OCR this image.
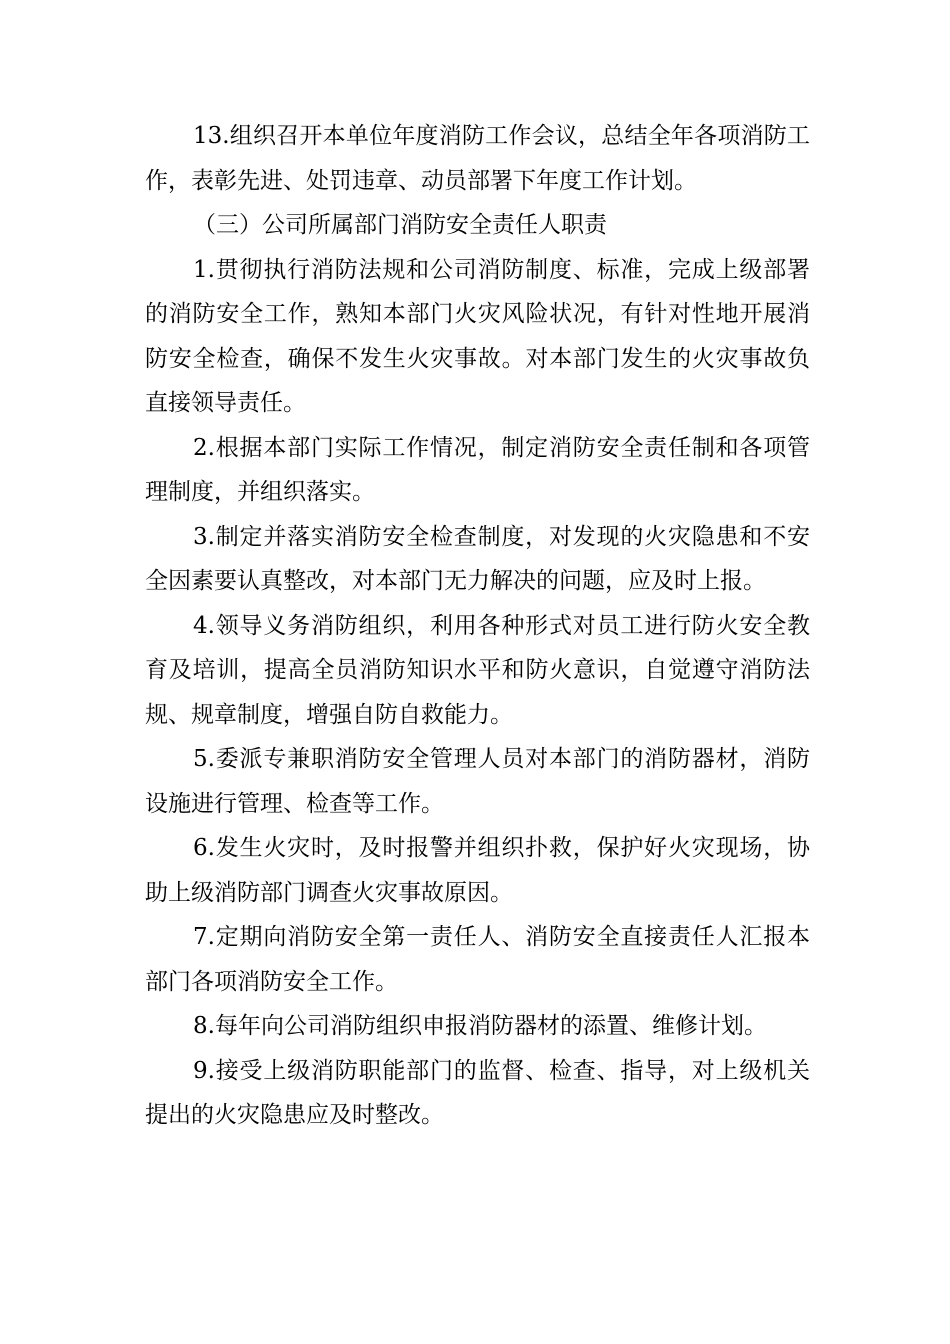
13.组织召开本单位年度消防工作会议，总结全年各项消防工作，表彰先进、处罚违章、动员部署下年度工作计划。

（三）公司所属部门消防安全责任人职责

1.贯彻执行消防法规和公司消防制度、标准，完成上级部署的消防安全工作，熟知本部门火灾风险状况，有针对性地开展消防安全检查，确保不发生火灾事故。对本部门发生的火灾事故负直接领导责任。

2.根据本部门实际工作情况，制定消防安全责任制和各项管理制度，并组织落实。

3.制定并落实消防安全检查制度，对发现的火灾隐患和不安全因素要认真整改，对本部门无力解决的问题，应及时上报。

4.领导义务消防组织，利用各种形式对员工进行防火安全教育及培训，提高全员消防知识水平和防火意识，自觉遵守消防法规、规章制度，增强自防自救能力。

5.委派专兼职消防安全管理人员对本部门的消防器材，消防设施进行管理、检查等工作。

6.发生火灾时，及时报警并组织扑救，保护好火灾现场，协助上级消防部门调查火灾事故原因。

7.定期向消防安全第一责任人、消防安全直接责任人汇报本部门各项消防安全工作。

8.每年向公司消防组织申报消防器材的添置、维修计划。

9.接受上级消防职能部门的监督、检查、指导，对上级机关提出的火灾隐患应及时整改。
